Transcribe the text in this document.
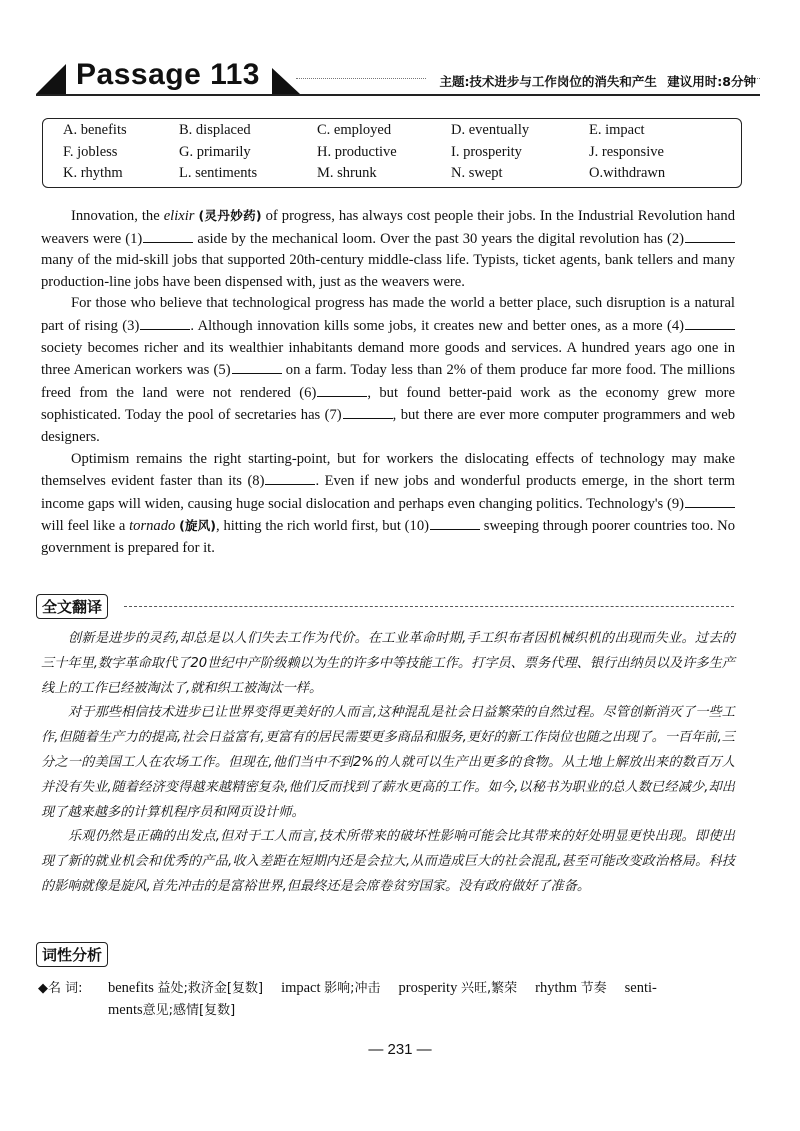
Passage 113	主题:技术进步与工作岗位的消失和产生 建议用时:8分钟
A. benefits	B. displaced	C. employed	D. eventually	E. impact
F. jobless	G. primarily	H. productive	I. prosperity	J. responsive
K. rhythm	L. sentiments	M. shrunk	N. swept	O.withdrawn

Innovation, the elixir (灵丹妙药) of progress, has always cost people their jobs. In the Industrial Revolution hand weavers were (1)	aside by the mechanical loom. Over the past 30 years the digital revolution has (2) many of the mid-skill jobs that supported 20th-century middle-class life. Typists, ticket agents, bank tellers and many production-line jobs have been dispensed with, just as the weavers were.

For those who believe that technological progress has made the world a better place, such disruption is a natural part of rising (3)	. Although innovation kills some jobs, it creates new and better ones, as a more (4) society becomes richer and its wealthier inhabitants demand more goods and services. A hundred years ago one in three American workers was (5)	on a farm. Today less than 2% of them produce far more food. The millions freed from the land were not rendered (6)	, but found better-paid work as the economy grew more sophisticated. Today the pool of secretaries has (7)	, but there are ever more computer programmers and web designers.

Optimism remains the right starting-point, but for workers the dislocating effects of technology may make themselves evident faster than its (8)	. Even if new jobs and wonderful products emerge, in the short term income gaps will widen, causing huge social dislocation and perhaps even changing politics. Technology's (9) will feel like a tornado (旋风), hitting the rich world first, but (10)	sweeping through poorer countries too. No government is prepared for it.

全文翻译

创新是进步的灵药,却总是以人们失去工作为代价。在工业革命时期,手工织布者因机械织机的出现而失业。过去的三十年里,数字革命取代了20世纪中产阶级赖以为生的许多中等技能工作。打字员、票务代理、银行出纳员以及许多生产线上的工作已经被淘汰了,就和织工被淘汰一样。

对于那些相信技术进步已让世界变得更美好的人而言,这种混乱是社会日益繁荣的自然过程。尽管创新消灭了一些工作,但随着生产力的提高,社会日益富有,更富有的居民需要更多商品和服务,更好的新工作岗位也随之出现了。一百年前,三分之一的美国工人在农场工作。但现在,他们当中不到2%的人就可以生产出更多的食物。从土地上解放出来的数百万人并没有失业,随着经济变得越来越精密复杂,他们反而找到了薪水更高的工作。如今,以秘书为职业的总人数已经减少,却出现了越来越多的计算机程序员和网页设计师。

乐观仍然是正确的出发点,但对于工人而言,技术所带来的破坏性影响可能会比其带来的好处明显更快出现。即使出现了新的就业机会和优秀的产品,收入差距在短期内还是会拉大,从而造成巨大的社会混乱,甚至可能改变政治格局。科技的影响就像是旋风,首先冲击的是富裕世界,但最终还是会席卷贫穷国家。没有政府做好了准备。

词性分析
◆名 词:	benefits 益处;救济金[复数] impact 影响;冲击 prosperity 兴旺,繁荣 rhythm 节奏 senti-
ments意见;感情[复数]
— 231 —
